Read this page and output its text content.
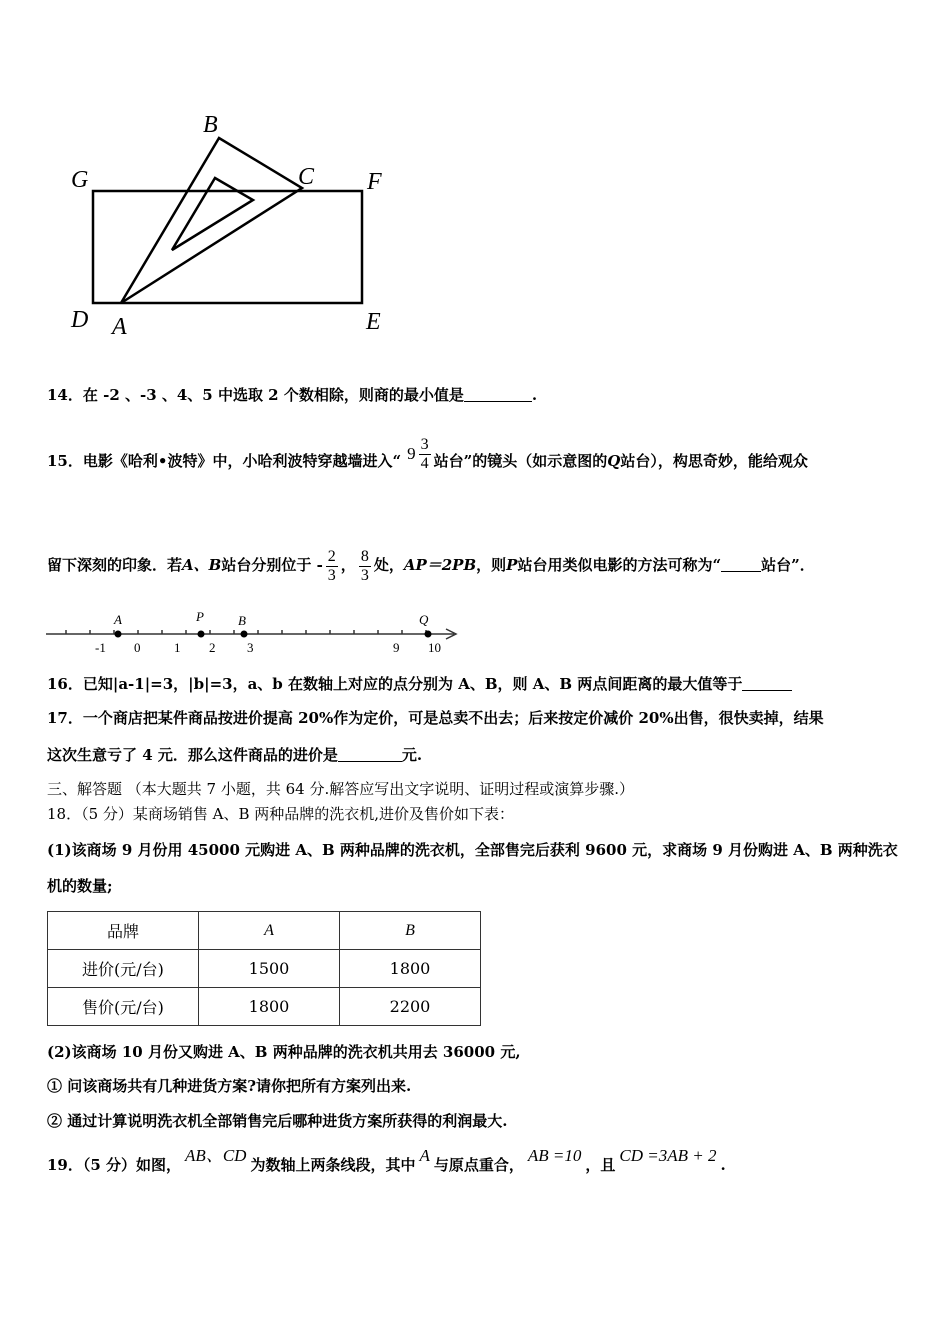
B
C F
G
D A	E
14．在 -2 、-3 、4、5 中选取 2 个数相除，则商的最小值是	.
15．电影《哈利•波特》中，小哈利波特穿越墙进入“ $9 \frac{3}{4}$ 站台”的镜头（如示意图的Q站台），构思奇妙，能给观众
留下深刻的印象．若A、B站台分别位于 - $\frac{2}{3}$ ， $\frac{8}{3}$ 处，AP＝2PB，则P站台用类似电影的方法可称为“	站台”．
A	P	B	Q
-1 0	1 2 3	9 10
16．已知|a-1|=3，|b|=3，a、b 在数轴上对应的点分别为 A、B，则 A、B 两点间距离的最大值等于
17．一个商店把某件商品按进价提高 20%作为定价，可是总卖不出去；后来按定价减价 20%出售，很快卖掉，结果
这次生意亏了 4 元．那么这件商品的进价是	元.
三、解答题 （本大题共 7 小题，共 64 分.解答应写出文字说明、证明过程或演算步骤.）
18．（5 分）某商场销售 A、B 两种品牌的洗衣机,进价及售价如下表：
(1)该商场 9 月份用 45000 元购进 A、B 两种品牌的洗衣机，全部售完后获利 9600 元，求商场 9 月份购进 A、B 两种洗衣
机的数量;
品牌	A	B
进价(元/台)	1500	1800
售价(元/台)	1800	2200
(2)该商场 10 月份又购进 A、B 两种品牌的洗衣机共用去 36000 元,
① 问该商场共有几种进货方案?请你把所有方案列出来.
② 通过计算说明洗衣机全部销售完后哪种进货方案所获得的利润最大.
19．（5 分）如图， AB、CD 为数轴上两条线段，其中 A 与原点重合， AB =10 ，且 CD =3AB + 2 .
